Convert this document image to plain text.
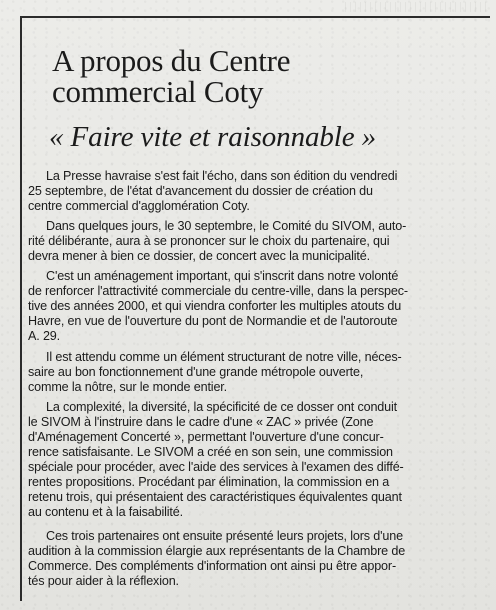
A propos du Centre
commercial Coty
« Faire vite et raisonnable »

La Presse havraise s'est fait l'écho, dans son édition du vendredi
25 septembre, de l'état d'avancement du dossier de création du
centre commercial d'agglomération Coty.

Dans quelques jours, le 30 septembre, le Comité du SIVOM, auto-
rité délibérante, aura à se prononcer sur le choix du partenaire, qui
devra mener à bien ce dossier, de concert avec la municipalité.

C'est un aménagement important, qui s'inscrit dans notre volonté
de renforcer l'attractivité commerciale du centre-ville, dans la perspec-
tive des années 2000, et qui viendra conforter les multiples atouts du
Havre, en vue de l'ouverture du pont de Normandie et de l'autoroute
A. 29.

Il est attendu comme un élément structurant de notre ville, néces-
saire au bon fonctionnement d'une grande métropole ouverte,
comme la nôtre, sur le monde entier.

La complexité, la diversité, la spécificité de ce dosser ont conduit
le SIVOM à l'instruire dans le cadre d'une « ZAC » privée (Zone
d'Aménagement Concerté », permettant l'ouverture d'une concur-
rence satisfaisante. Le SIVOM a créé en son sein, une commission
spéciale pour procéder, avec l'aide des services à l'examen des diffé-
rentes propositions. Procédant par élimination, la commission en a
retenu trois, qui présentaient des caractéristiques équivalentes quant
au contenu et à la faisabilité.

Ces trois partenaires ont ensuite présenté leurs projets, lors d'une
audition à la commission élargie aux représentants de la Chambre de
Commerce. Des compléments d'information ont ainsi pu être appor-
tés pour aider à la réflexion.
